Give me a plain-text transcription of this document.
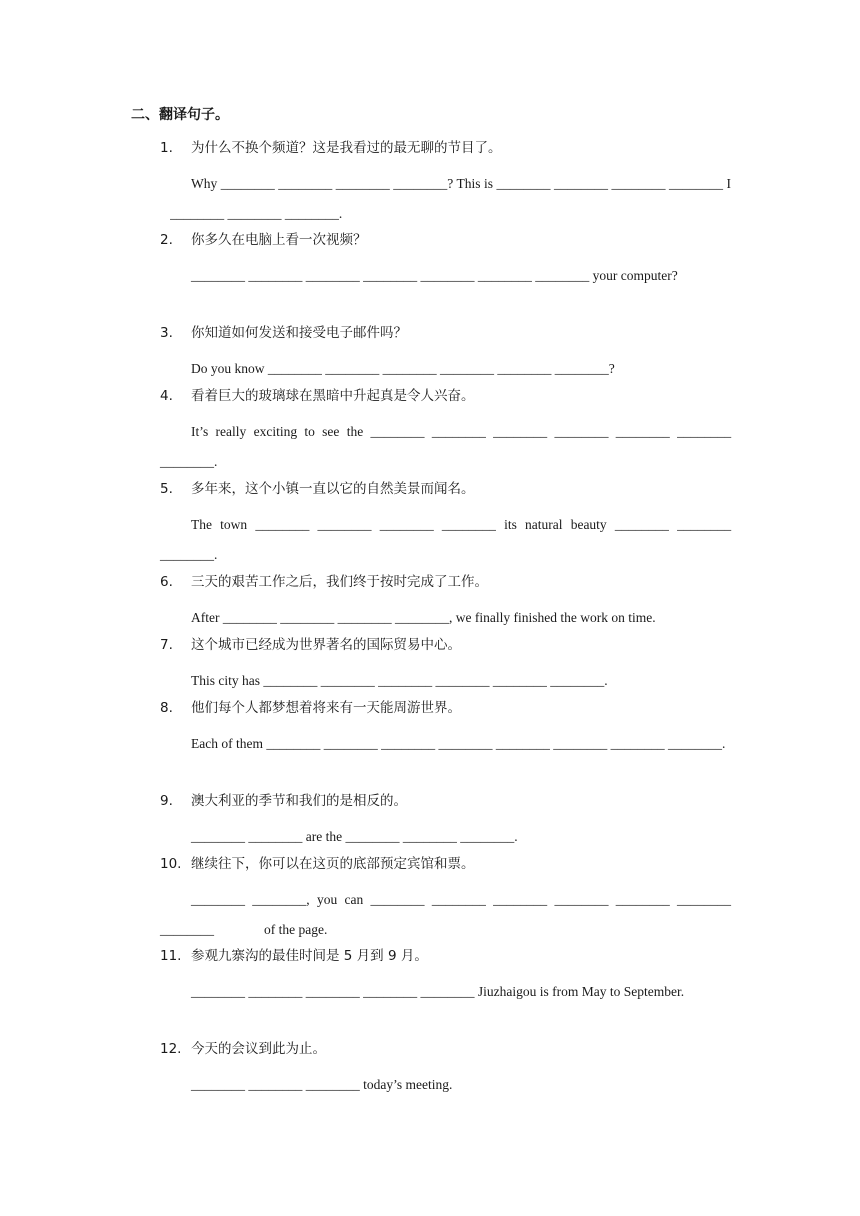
二、翻译句子。
1. 为什么不换个频道？这是我看过的最无聊的节目了。
Why ________ ________ ________ ________? This is ________ ________ ________ ________ I    ________ ________ ________.
2. 你多久在电脑上看一次视频？
________ ________ ________ ________ ________ ________ ________ your computer?
3. 你知道如何发送和接受电子邮件吗？
Do you know ________ ________ ________ ________ ________ ________?
4. 看着巨大的玻璃球在黑暗中升起真是令人兴奋。
It’s really exciting to see the ________ ________ ________ ________ ________ ________ ________.
5. 多年来，这个小镇一直以它的自然美景而闻名。
The town ________ ________ ________ ________ its natural beauty ________ ________ ________.
6. 三天的艰苦工作之后，我们终于按时完成了工作。
After ________ ________ ________ ________, we finally finished the work on time.
7. 这个城市已经成为世界著名的国际贸易中心。
This city has ________ ________ ________ ________ ________ ________.
8. 他们每个人都梦想着将来有一天能周游世界。
Each of them ________ ________ ________ ________ ________ ________ ________ ________.
9. 澳大利亚的季节和我们的是相反的。
________ ________ are the ________ ________ ________.
10. 继续往下，你可以在这页的底部预定宾馆和票。
________ ________, you can ________ ________ ________ ________ ________ ________ ________	of the page.
11. 参观九寨沟的最佳时间是 5 月到 9 月。
________ ________ ________ ________ ________ Jiuzhaigou is from May to September.
12. 今天的会议到此为止。
________ ________ ________ today’s meeting.
